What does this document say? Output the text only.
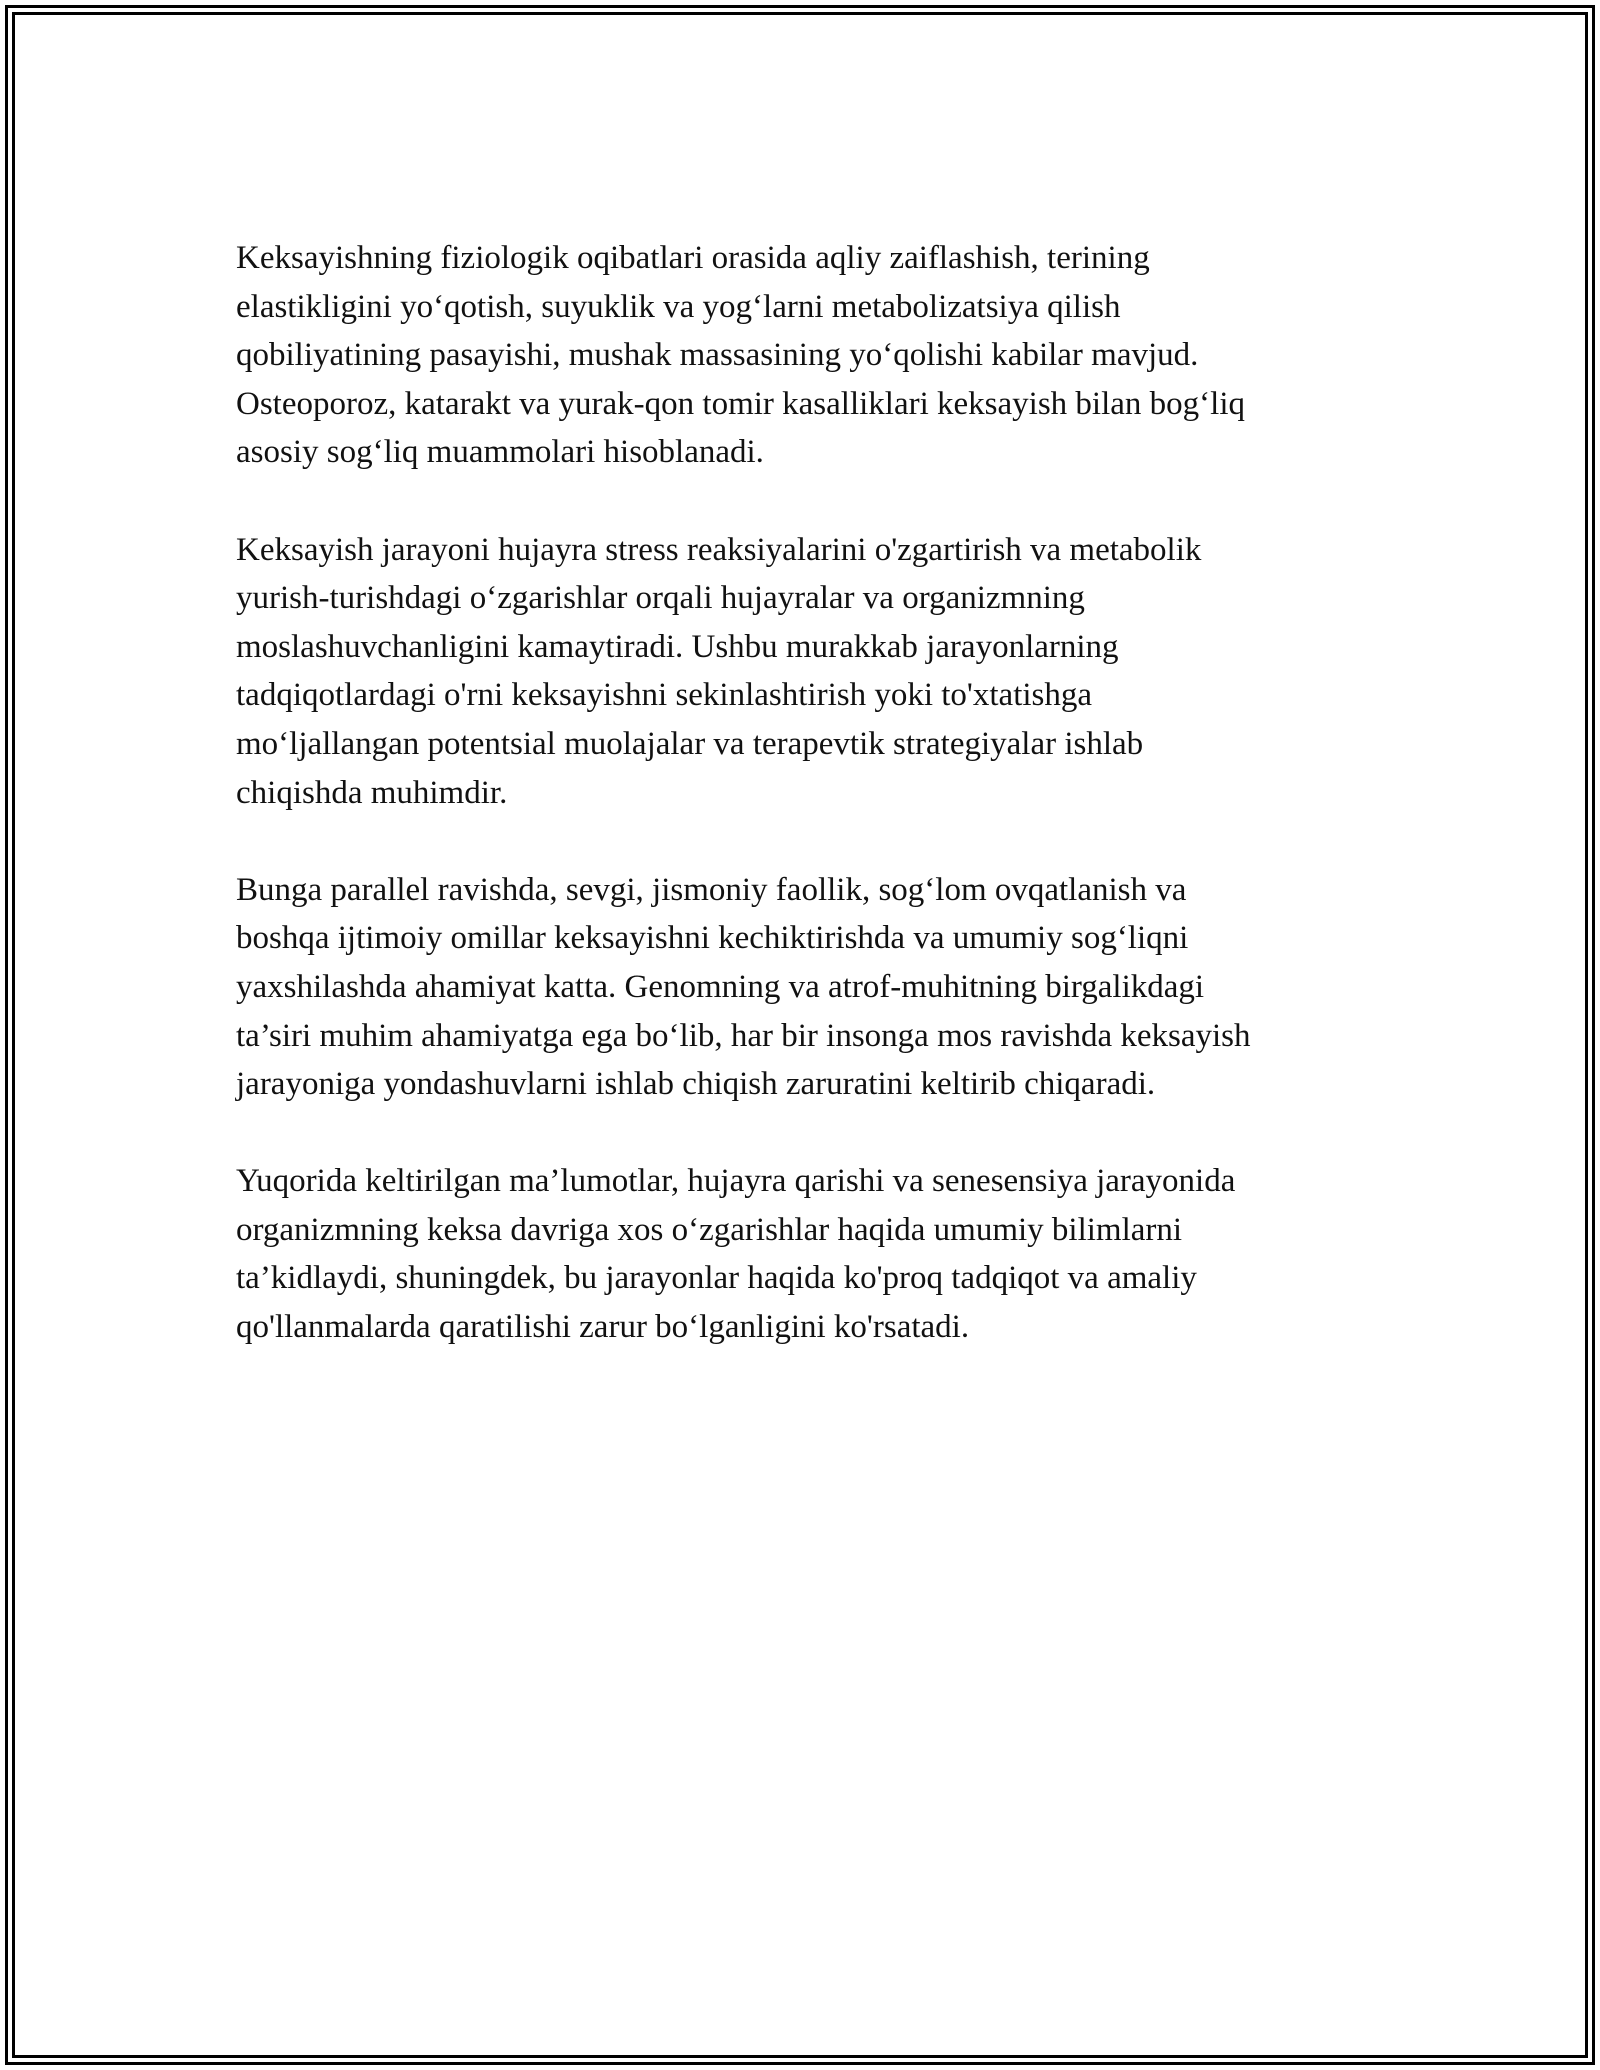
Keksayishning fiziologik oqibatlari orasida aqliy zaiflashish, terining
elastikligini yo‘qotish, suyuklik va yog‘larni metabolizatsiya qilish
qobiliyatining pasayishi, mushak massasining yo‘qolishi kabilar mavjud.
Osteoporoz, katarakt va yurak-qon tomir kasalliklari keksayish bilan bog‘liq
asosiy sog‘liq muammolari hisoblanadi.

Keksayish jarayoni hujayra stress reaksiyalarini o'zgartirish va metabolik
yurish-turishdagi o‘zgarishlar orqali hujayralar va organizmning
moslashuvchanligini kamaytiradi. Ushbu murakkab jarayonlarning
tadqiqotlardagi o'rni keksayishni sekinlashtirish yoki to'xtatishga
mo‘ljallangan potentsial muolajalar va terapevtik strategiyalar ishlab
chiqishda muhimdir.

Bunga parallel ravishda, sevgi, jismoniy faollik, sog‘lom ovqatlanish va
boshqa ijtimoiy omillar keksayishni kechiktirishda va umumiy sog‘liqni
yaxshilashda ahamiyat katta. Genomning va atrof-muhitning birgalikdagi
ta’siri muhim ahamiyatga ega bo‘lib, har bir insonga mos ravishda keksayish
jarayoniga yondashuvlarni ishlab chiqish zaruratini keltirib chiqaradi.

Yuqorida keltirilgan ma’lumotlar, hujayra qarishi va senesensiya jarayonida
organizmning keksa davriga xos o‘zgarishlar haqida umumiy bilimlarni
ta’kidlaydi, shuningdek, bu jarayonlar haqida ko'proq tadqiqot va amaliy
qo'llanmalarda qaratilishi zarur bo‘lganligini ko'rsatadi.
